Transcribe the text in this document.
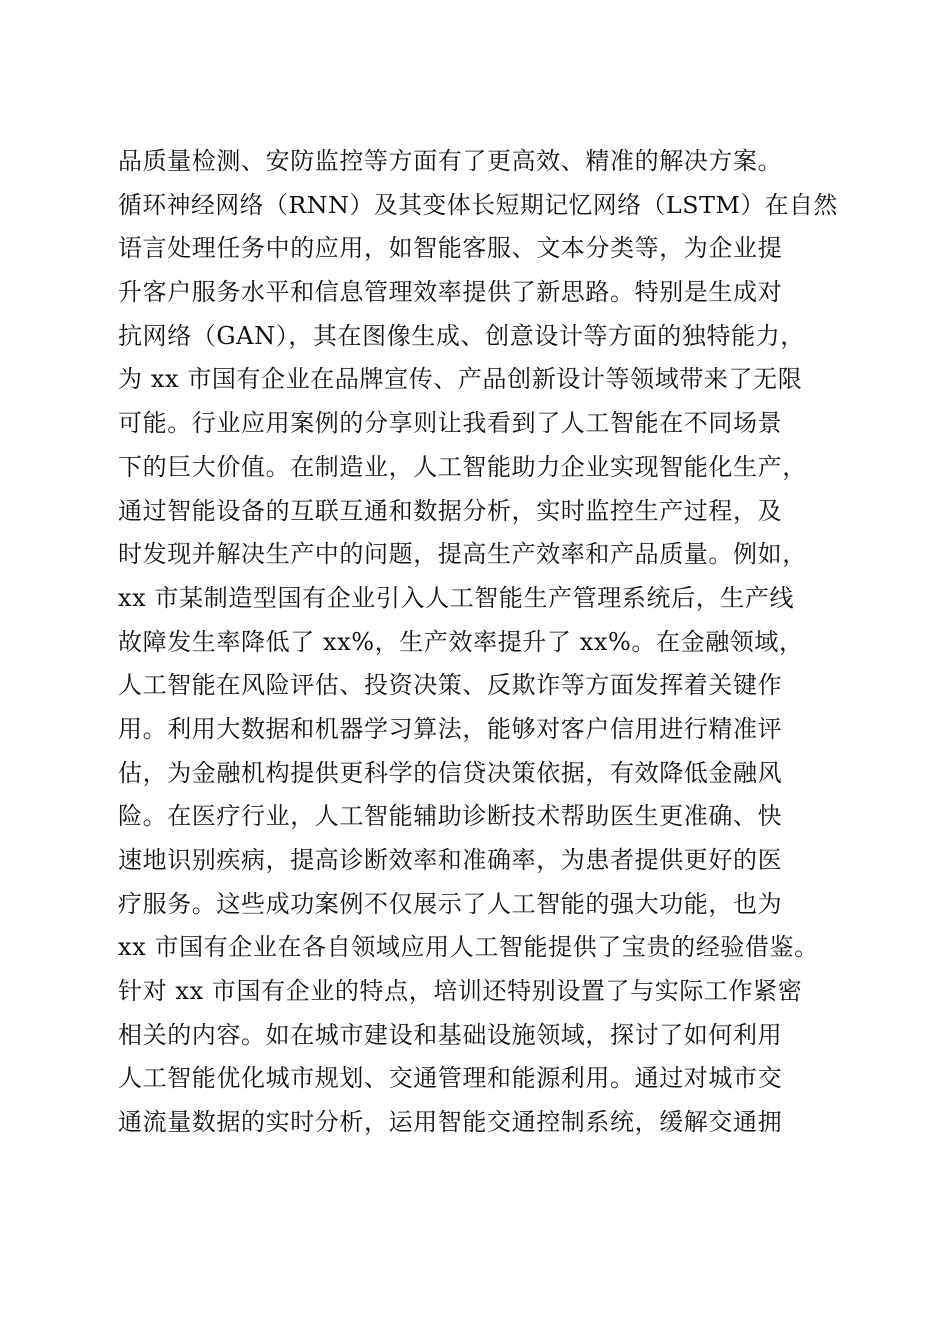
品质量检测、安防监控等方面有了更高效、精准的解决方案。
循环神经网络（RNN）及其变体长短期记忆网络（LSTM）在自然
语言处理任务中的应用，如智能客服、文本分类等，为企业提
升客户服务水平和信息管理效率提供了新思路。特别是生成对
抗网络（GAN），其在图像生成、创意设计等方面的独特能力，
为 xx 市国有企业在品牌宣传、产品创新设计等领域带来了无限
可能。行业应用案例的分享则让我看到了人工智能在不同场景
下的巨大价值。在制造业，人工智能助力企业实现智能化生产，
通过智能设备的互联互通和数据分析，实时监控生产过程，及
时发现并解决生产中的问题，提高生产效率和产品质量。例如，
xx 市某制造型国有企业引入人工智能生产管理系统后，生产线
故障发生率降低了 xx%，生产效率提升了 xx%。在金融领域，
人工智能在风险评估、投资决策、反欺诈等方面发挥着关键作
用。利用大数据和机器学习算法，能够对客户信用进行精准评
估，为金融机构提供更科学的信贷决策依据，有效降低金融风
险。在医疗行业，人工智能辅助诊断技术帮助医生更准确、快
速地识别疾病，提高诊断效率和准确率，为患者提供更好的医
疗服务。这些成功案例不仅展示了人工智能的强大功能，也为
xx 市国有企业在各自领域应用人工智能提供了宝贵的经验借鉴。
针对 xx 市国有企业的特点，培训还特别设置了与实际工作紧密
相关的内容。如在城市建设和基础设施领域，探讨了如何利用
人工智能优化城市规划、交通管理和能源利用。通过对城市交
通流量数据的实时分析，运用智能交通控制系统，缓解交通拥
